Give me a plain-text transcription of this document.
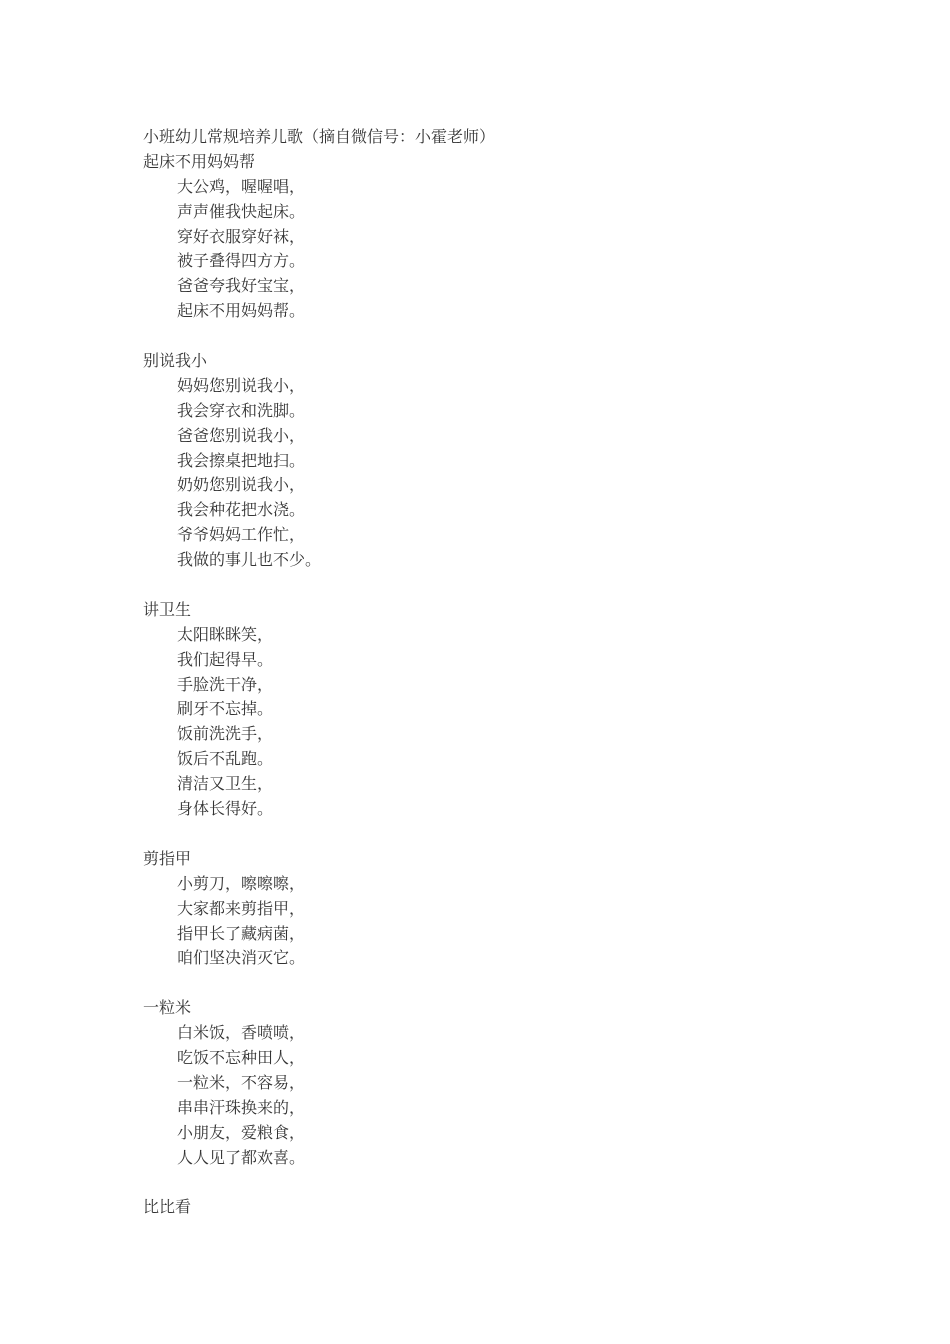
小班幼儿常规培养儿歌（摘自微信号：小霍老师）
起床不用妈妈帮
大公鸡，喔喔唱，
声声催我快起床。
穿好衣服穿好袜，
被子叠得四方方。
爸爸夸我好宝宝，
起床不用妈妈帮。
别说我小
妈妈您别说我小，
我会穿衣和洗脚。
爸爸您别说我小，
我会擦桌把地扫。
奶奶您别说我小，
我会种花把水浇。
爷爷妈妈工作忙，
我做的事儿也不少。
讲卫生
太阳眯眯笑，
我们起得早。
手脸洗干净，
刷牙不忘掉。
饭前洗洗手，
饭后不乱跑。
清洁又卫生，
身体长得好。
剪指甲
小剪刀，嚓嚓嚓，
大家都来剪指甲，
指甲长了藏病菌，
咱们坚决消灭它。
一粒米
白米饭，香喷喷，
吃饭不忘种田人，
一粒米，不容易，
串串汗珠换来的，
小朋友，爱粮食，
人人见了都欢喜。
比比看
